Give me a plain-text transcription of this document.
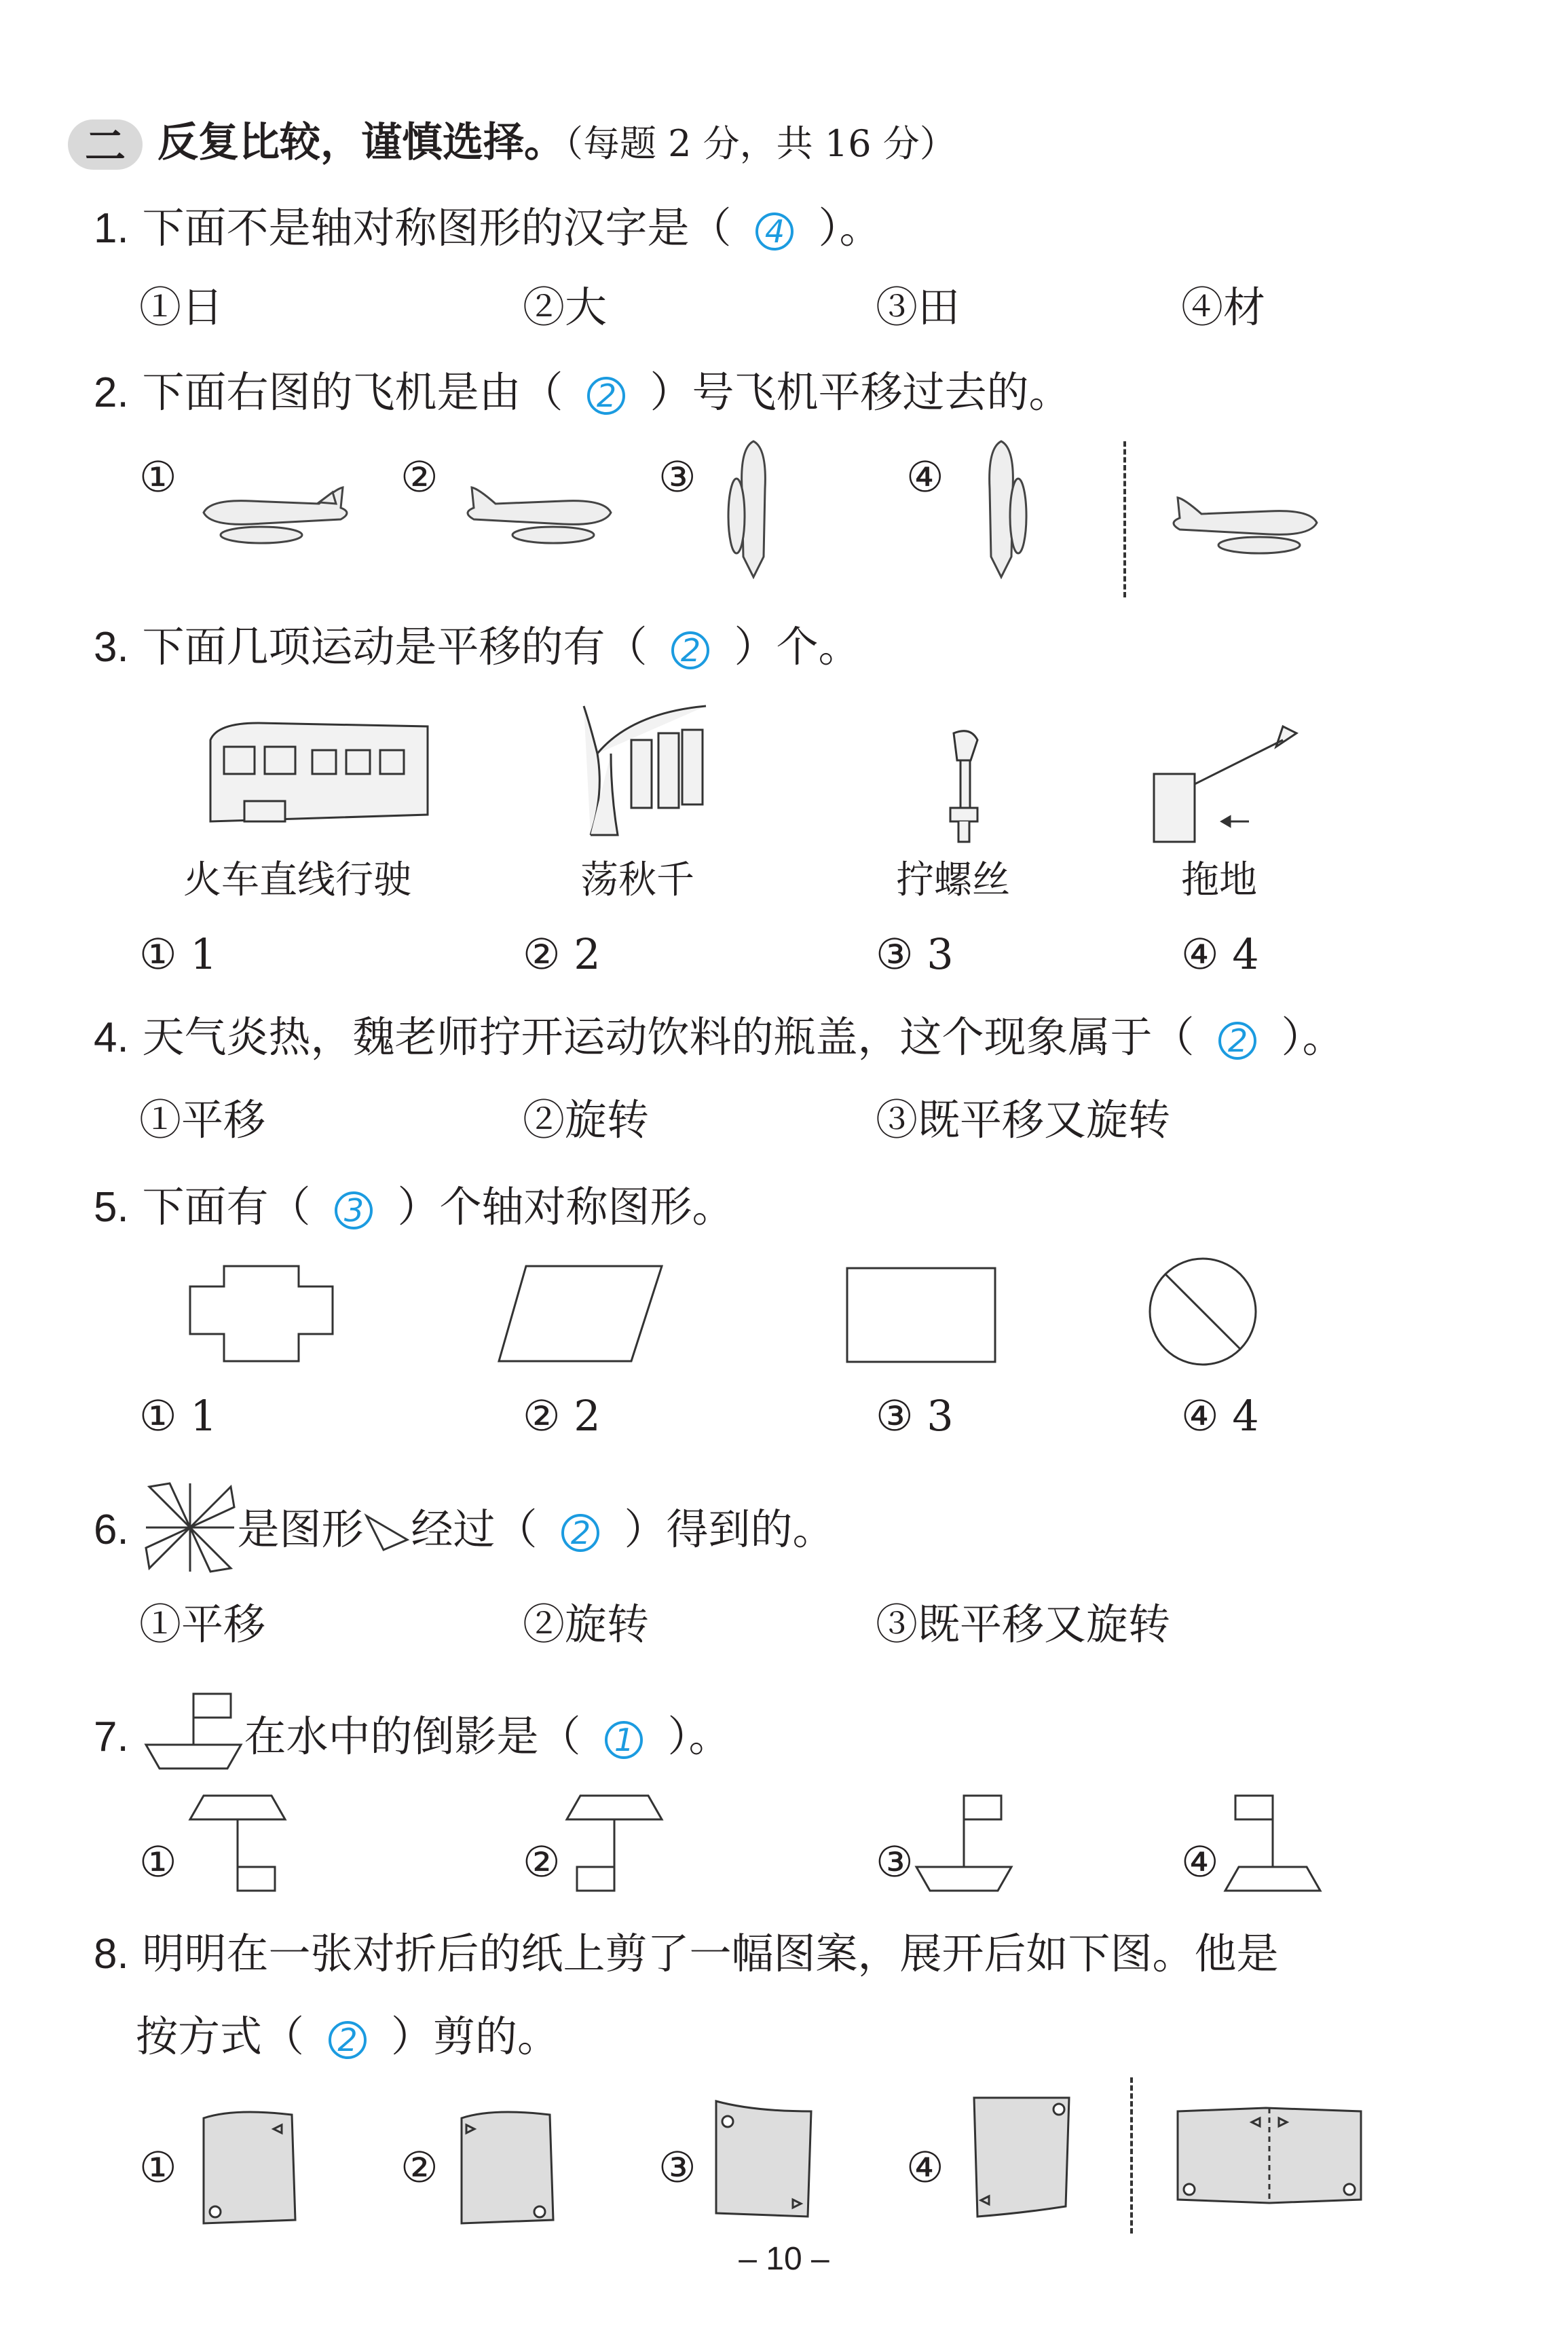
二 反复比较，谨慎选择。（每题 2 分，共 16 分）
1. 下面不是轴对称图形的汉字是（ 4 ）。
①日	②大	③田	④材
2. 下面右图的飞机是由（ 2 ）号飞机平移过去的。
①	②	③	④
3. 下面几项运动是平移的有（ 2 ）个。
火车直线行驶	荡秋千	拧螺丝	拖地
① 1	② 2	③ 3	④ 4
4. 天气炎热，魏老师拧开运动饮料的瓶盖，这个现象属于（ 2 ）。
①平移	②旋转	③既平移又旋转
5. 下面有（ 3 ）个轴对称图形。
① 1	② 2	③ 3	④ 4
6.	是图形 经过（ 2 ）得到的。
①平移	②旋转	③既平移又旋转
7.	在水中的倒影是（ 1 ）。
①	②	③	④
8. 明明在一张对折后的纸上剪了一幅图案，展开后如下图。他是
按方式（ 2 ）剪的。
①	②	③	④
– 10 –
